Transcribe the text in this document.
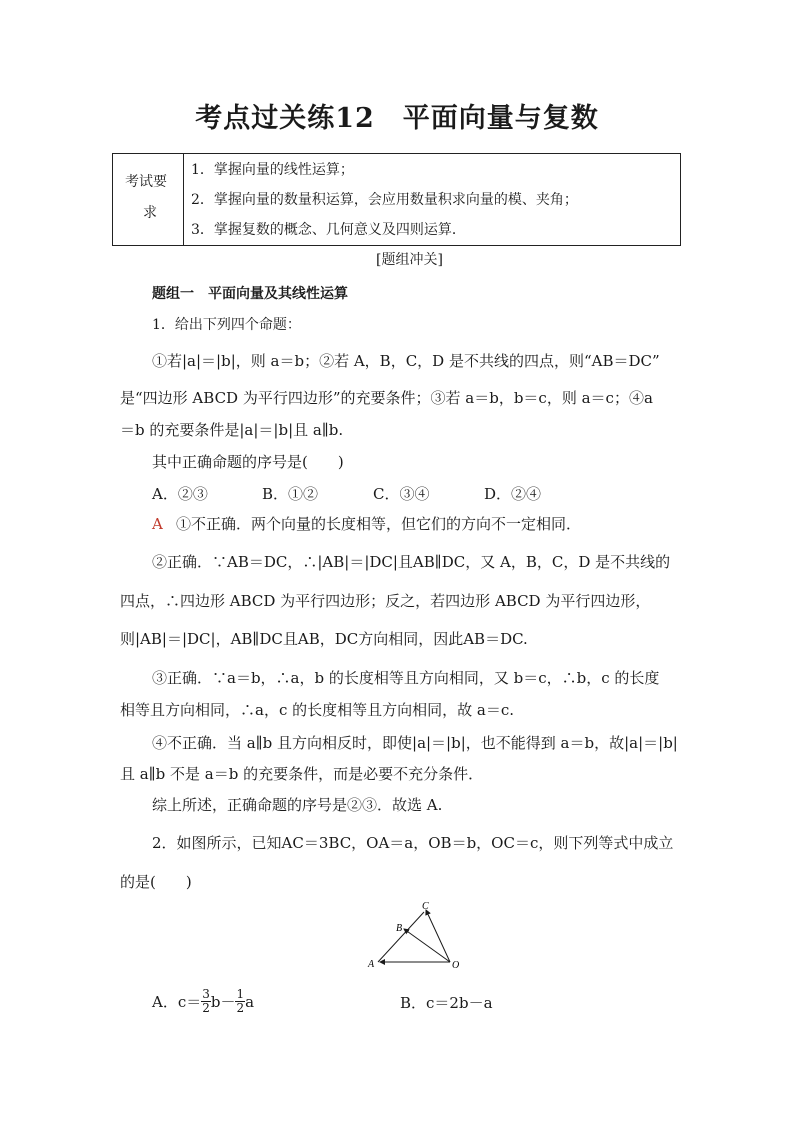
考点过关练12　平面向量与复数
考试要
求
1．掌握向量的线性运算；
2．掌握向量的数量积运算，会应用数量积求向量的模、夹角；
3．掌握复数的概念、几何意义及四则运算．
[题组冲关]
题组一　平面向量及其线性运算
1．给出下列四个命题：
①若|a|＝|b|，则 a＝b；②若 A，B，C，D 是不共线的四点，则“AB＝DC”
是“四边形 ABCD 为平行四边形”的充要条件；③若 a＝b，b＝c，则 a＝c；④a
＝b 的充要条件是|a|＝|b|且 a∥b.
其中正确命题的序号是(　　)
A．②③	B．①②	C．③④	D．②④
A ①不正确．两个向量的长度相等，但它们的方向不一定相同．
②正确．∵AB＝DC，∴|AB|＝|DC|且AB∥DC，又 A，B，C，D 是不共线的
四点，∴四边形 ABCD 为平行四边形；反之，若四边形 ABCD 为平行四边形，
则|AB|＝|DC|，AB∥DC且AB，DC方向相同，因此AB＝DC.
③正确．∵a＝b，∴a，b 的长度相等且方向相同，又 b＝c，∴b，c 的长度
相等且方向相同，∴a，c 的长度相等且方向相同，故 a＝c.
④不正确．当 a∥b 且方向相反时，即使|a|＝|b|，也不能得到 a＝b，故|a|＝|b|
且 a∥b 不是 a＝b 的充要条件，而是必要不充分条件．
综上所述，正确命题的序号是②③．故选 A.
2．如图所示，已知AC＝3BC，OA＝a，OB＝b，OC＝c，则下列等式中成立
的是(　　)
C
B
A	O
A．$c= \frac{3}{2} b- \frac{1}{2}$ a	B．c＝2b－a
